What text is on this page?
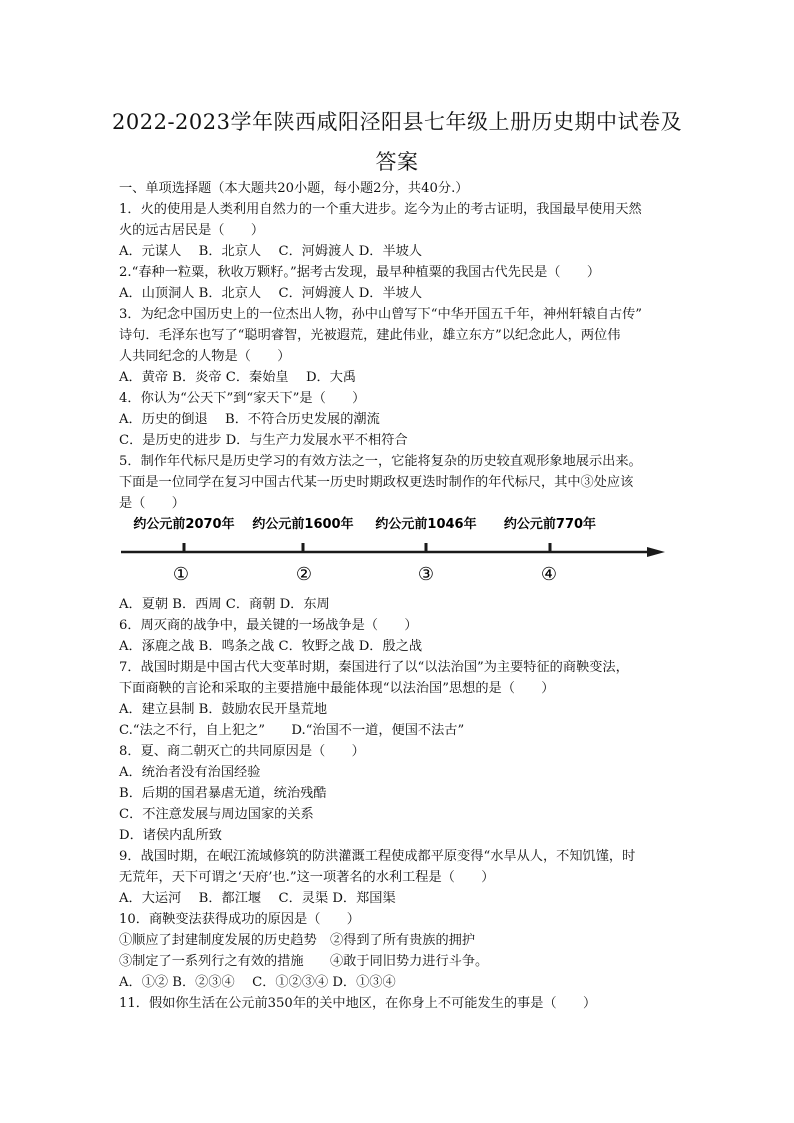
2022-2023学年陕西咸阳泾阳县七年级上册历史期中试卷及
答案
一、单项选择题（本大题共20小题，每小题2分，共40分.）
1．火的使用是人类利用自然力的一个重大进步。迄今为止的考古证明，我国最早使用天然
火的远古居民是（　　）
A．元谋人　 B．北京人　 C．河姆渡人 D．半坡人
2.“春种一粒粟，秋收万颗籽。”据考古发现，最早种植粟的我国古代先民是（　　）
A．山顶洞人 B．北京人　 C．河姆渡人 D．半坡人
3．为纪念中国历史上的一位杰出人物，孙中山曾写下“中华开国五千年，神州轩辕自古传”
诗句．毛泽东也写了“聪明睿智，光被遐荒，建此伟业，雄立东方”以纪念此人，两位伟
人共同纪念的人物是（　　）
A．黄帝 B．炎帝 C．秦始皇　 D．大禹
4．你认为“公天下”到“家天下”是（　　）
A．历史的倒退　 B．不符合历史发展的潮流
C．是历史的进步 D．与生产力发展水平不相符合
5．制作年代标尺是历史学习的有效方法之一，它能将复杂的历史较直观形象地展示出来。
下面是一位同学在复习中国古代某一历史时期政权更迭时制作的年代标尺，其中③处应该
是（　　）
约公元前2070年 约公元前1600年 约公元前1046年 约公元前770年
①	②	③	④
A．夏朝 B．西周 C．商朝 D．东周
6．周灭商的战争中，最关键的一场战争是（　　）
A．涿鹿之战 B．鸣条之战 C．牧野之战 D．殷之战
7．战国时期是中国古代大变革时期，秦国进行了以“以法治国”为主要特征的商鞅变法，
下面商鞅的言论和采取的主要措施中最能体现“以法治国”思想的是（　　）
A．建立县制 B．鼓励农民开垦荒地
C.“法之不行，自上犯之”　　D.“治国不一道，便国不法古”
8．夏、商二朝灭亡的共同原因是（　　）
A．统治者没有治国经验
B．后期的国君暴虐无道，统治残酷
C．不注意发展与周边国家的关系
D．诸侯内乱所致
9．战国时期，在岷江流域修筑的防洪灌溉工程使成都平原变得“水旱从人，不知饥馑，时
无荒年，天下可谓之‘天府’也.”这一项著名的水利工程是（　　）
A．大运河　 B．都江堰　 C．灵渠 D．郑国渠
10．商鞅变法获得成功的原因是（　　）
①顺应了封建制度发展的历史趋势　②得到了所有贵族的拥护
③制定了一系列行之有效的措施　　④敢于同旧势力进行斗争。
A．①② B．②③④　 C．①②③④ D．①③④
11．假如你生活在公元前350年的关中地区，在你身上不可能发生的事是（　　）
